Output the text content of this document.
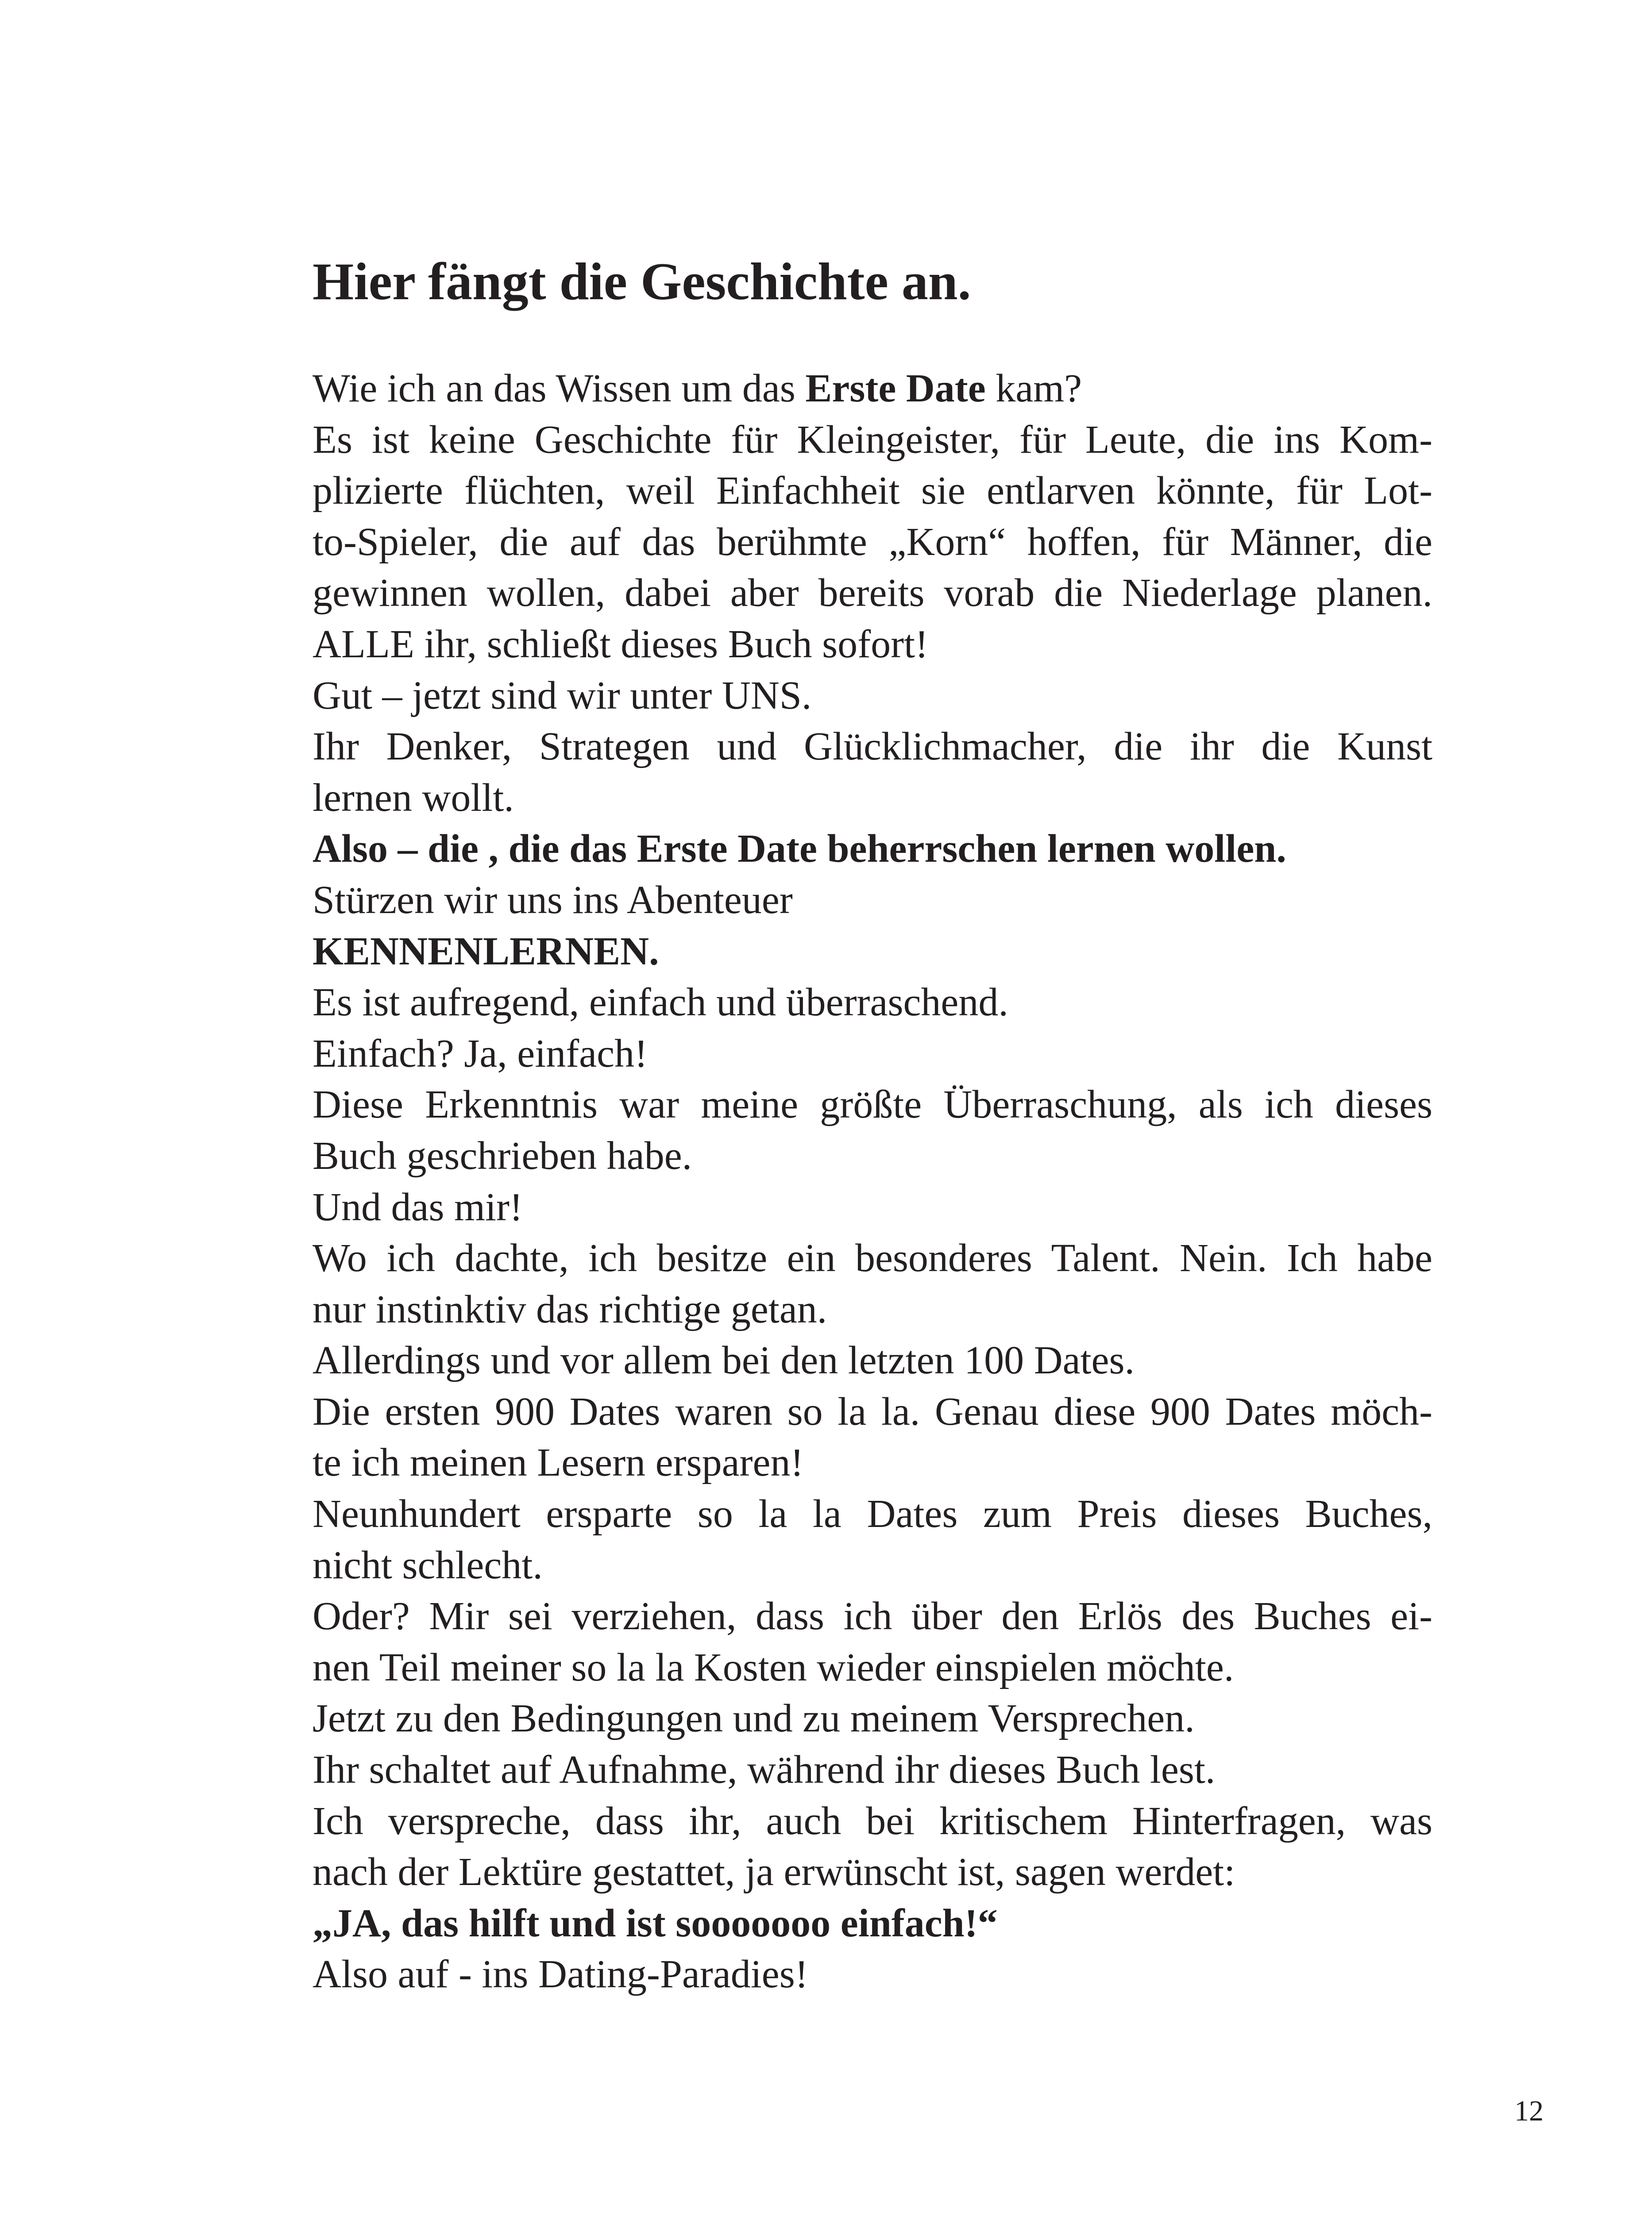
Hier fängt die Geschichte an.
Wie ich an das Wissen um das Erste Date kam?
Es ist keine Geschichte für Kleingeister, für Leute, die ins Kom-
plizierte flüchten, weil Einfachheit sie entlarven könnte, für Lot-
to-Spieler, die auf das berühmte „Korn“ hoffen, für Männer, die
gewinnen wollen, dabei aber bereits vorab die Niederlage planen.
ALLE ihr, schließt dieses Buch sofort!
Gut – jetzt sind wir unter UNS.
Ihr Denker, Strategen und Glücklichmacher, die ihr die Kunst
lernen wollt.
Also – die , die das Erste Date beherrschen lernen wollen.
Stürzen wir uns ins Abenteuer
KENNENLERNEN.
Es ist aufregend, einfach und überraschend.
Einfach? Ja, einfach!
Diese Erkenntnis war meine größte Überraschung, als ich dieses
Buch geschrieben habe.
Und das mir!
Wo ich dachte, ich besitze ein besonderes Talent. Nein. Ich habe
nur instinktiv das richtige getan.
Allerdings und vor allem bei den letzten 100 Dates.
Die ersten 900 Dates waren so la la. Genau diese 900 Dates möch-
te ich meinen Lesern ersparen!
Neunhundert ersparte so la la Dates zum Preis dieses Buches,
nicht schlecht.
Oder? Mir sei verziehen, dass ich über den Erlös des Buches ei-
nen Teil meiner so la la Kosten wieder einspielen möchte.
Jetzt zu den Bedingungen und zu meinem Versprechen.
Ihr schaltet auf Aufnahme, während ihr dieses Buch lest.
Ich verspreche, dass ihr, auch bei kritischem Hinterfragen, was
nach der Lektüre gestattet, ja erwünscht ist, sagen werdet:
„JA, das hilft und ist sooooooo einfach!“
Also auf - ins Dating-Paradies!
12
